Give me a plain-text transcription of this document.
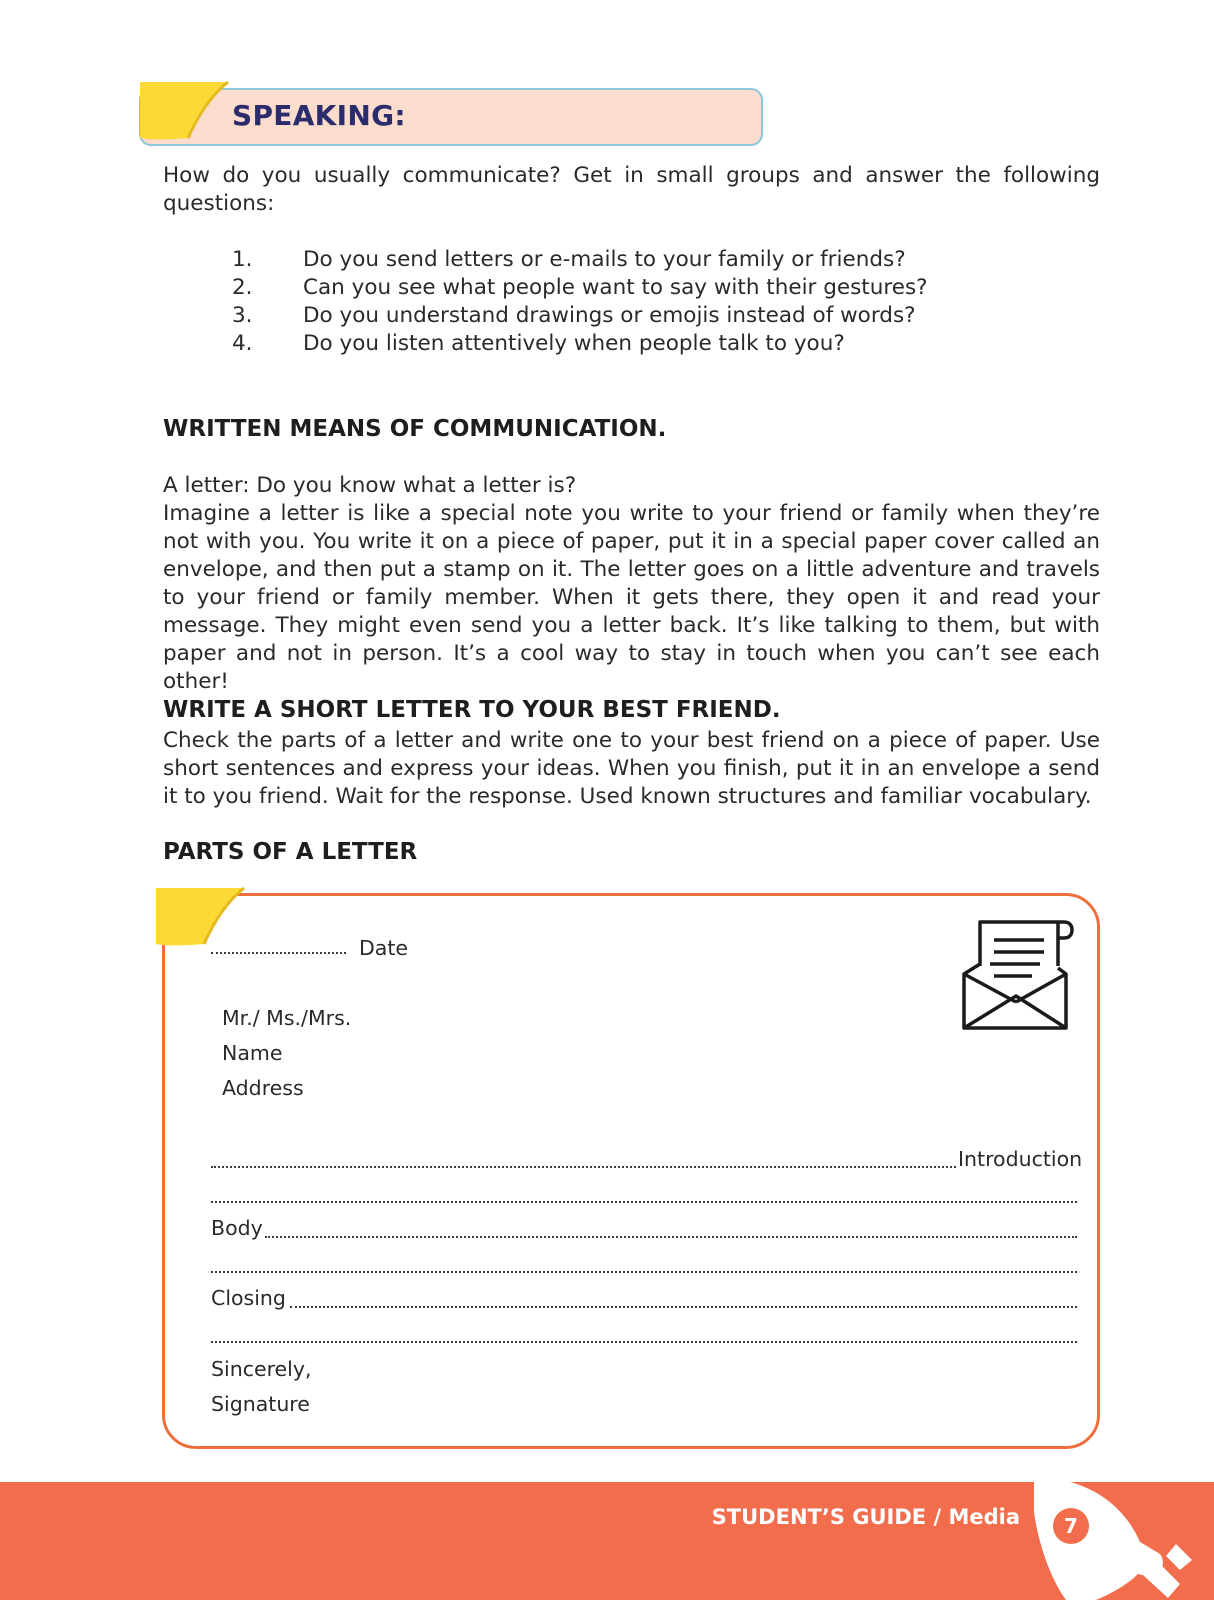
SPEAKING:
How do you usually communicate? Get in small groups and answer the following questions:
1. Do you send letters or e-mails to your family or friends?
2. Can you see what people want to say with their gestures?
3. Do you understand drawings or emojis instead of words?
4. Do you listen attentively when people talk to you?
WRITTEN MEANS OF COMMUNICATION.
A letter: Do you know what a letter is?
Imagine a letter is like a special note you write to your friend or family when they’re not with you. You write it on a piece of paper, put it in a special paper cover called an envelope, and then put a stamp on it. The letter goes on a little adventure and travels to your friend or family member. When it gets there, they open it and read your message. They might even send you a letter back. It’s like talking to them, but with paper and not in person. It’s a cool way to stay in touch when you can’t see each other!
WRITE A SHORT LETTER TO YOUR BEST FRIEND.
Check the parts of a letter and write one to your best friend on a piece of paper. Use short sentences and express your ideas. When you finish, put it in an envelope a send it to you friend. Wait for the response. Used known structures and familiar vocabulary.
PARTS OF A LETTER
Date
Mr./ Ms./Mrs.
Name
Address
Introduction
Body
Closing
Sincerely,
Signature
STUDENT’S GUIDE / Media	7
